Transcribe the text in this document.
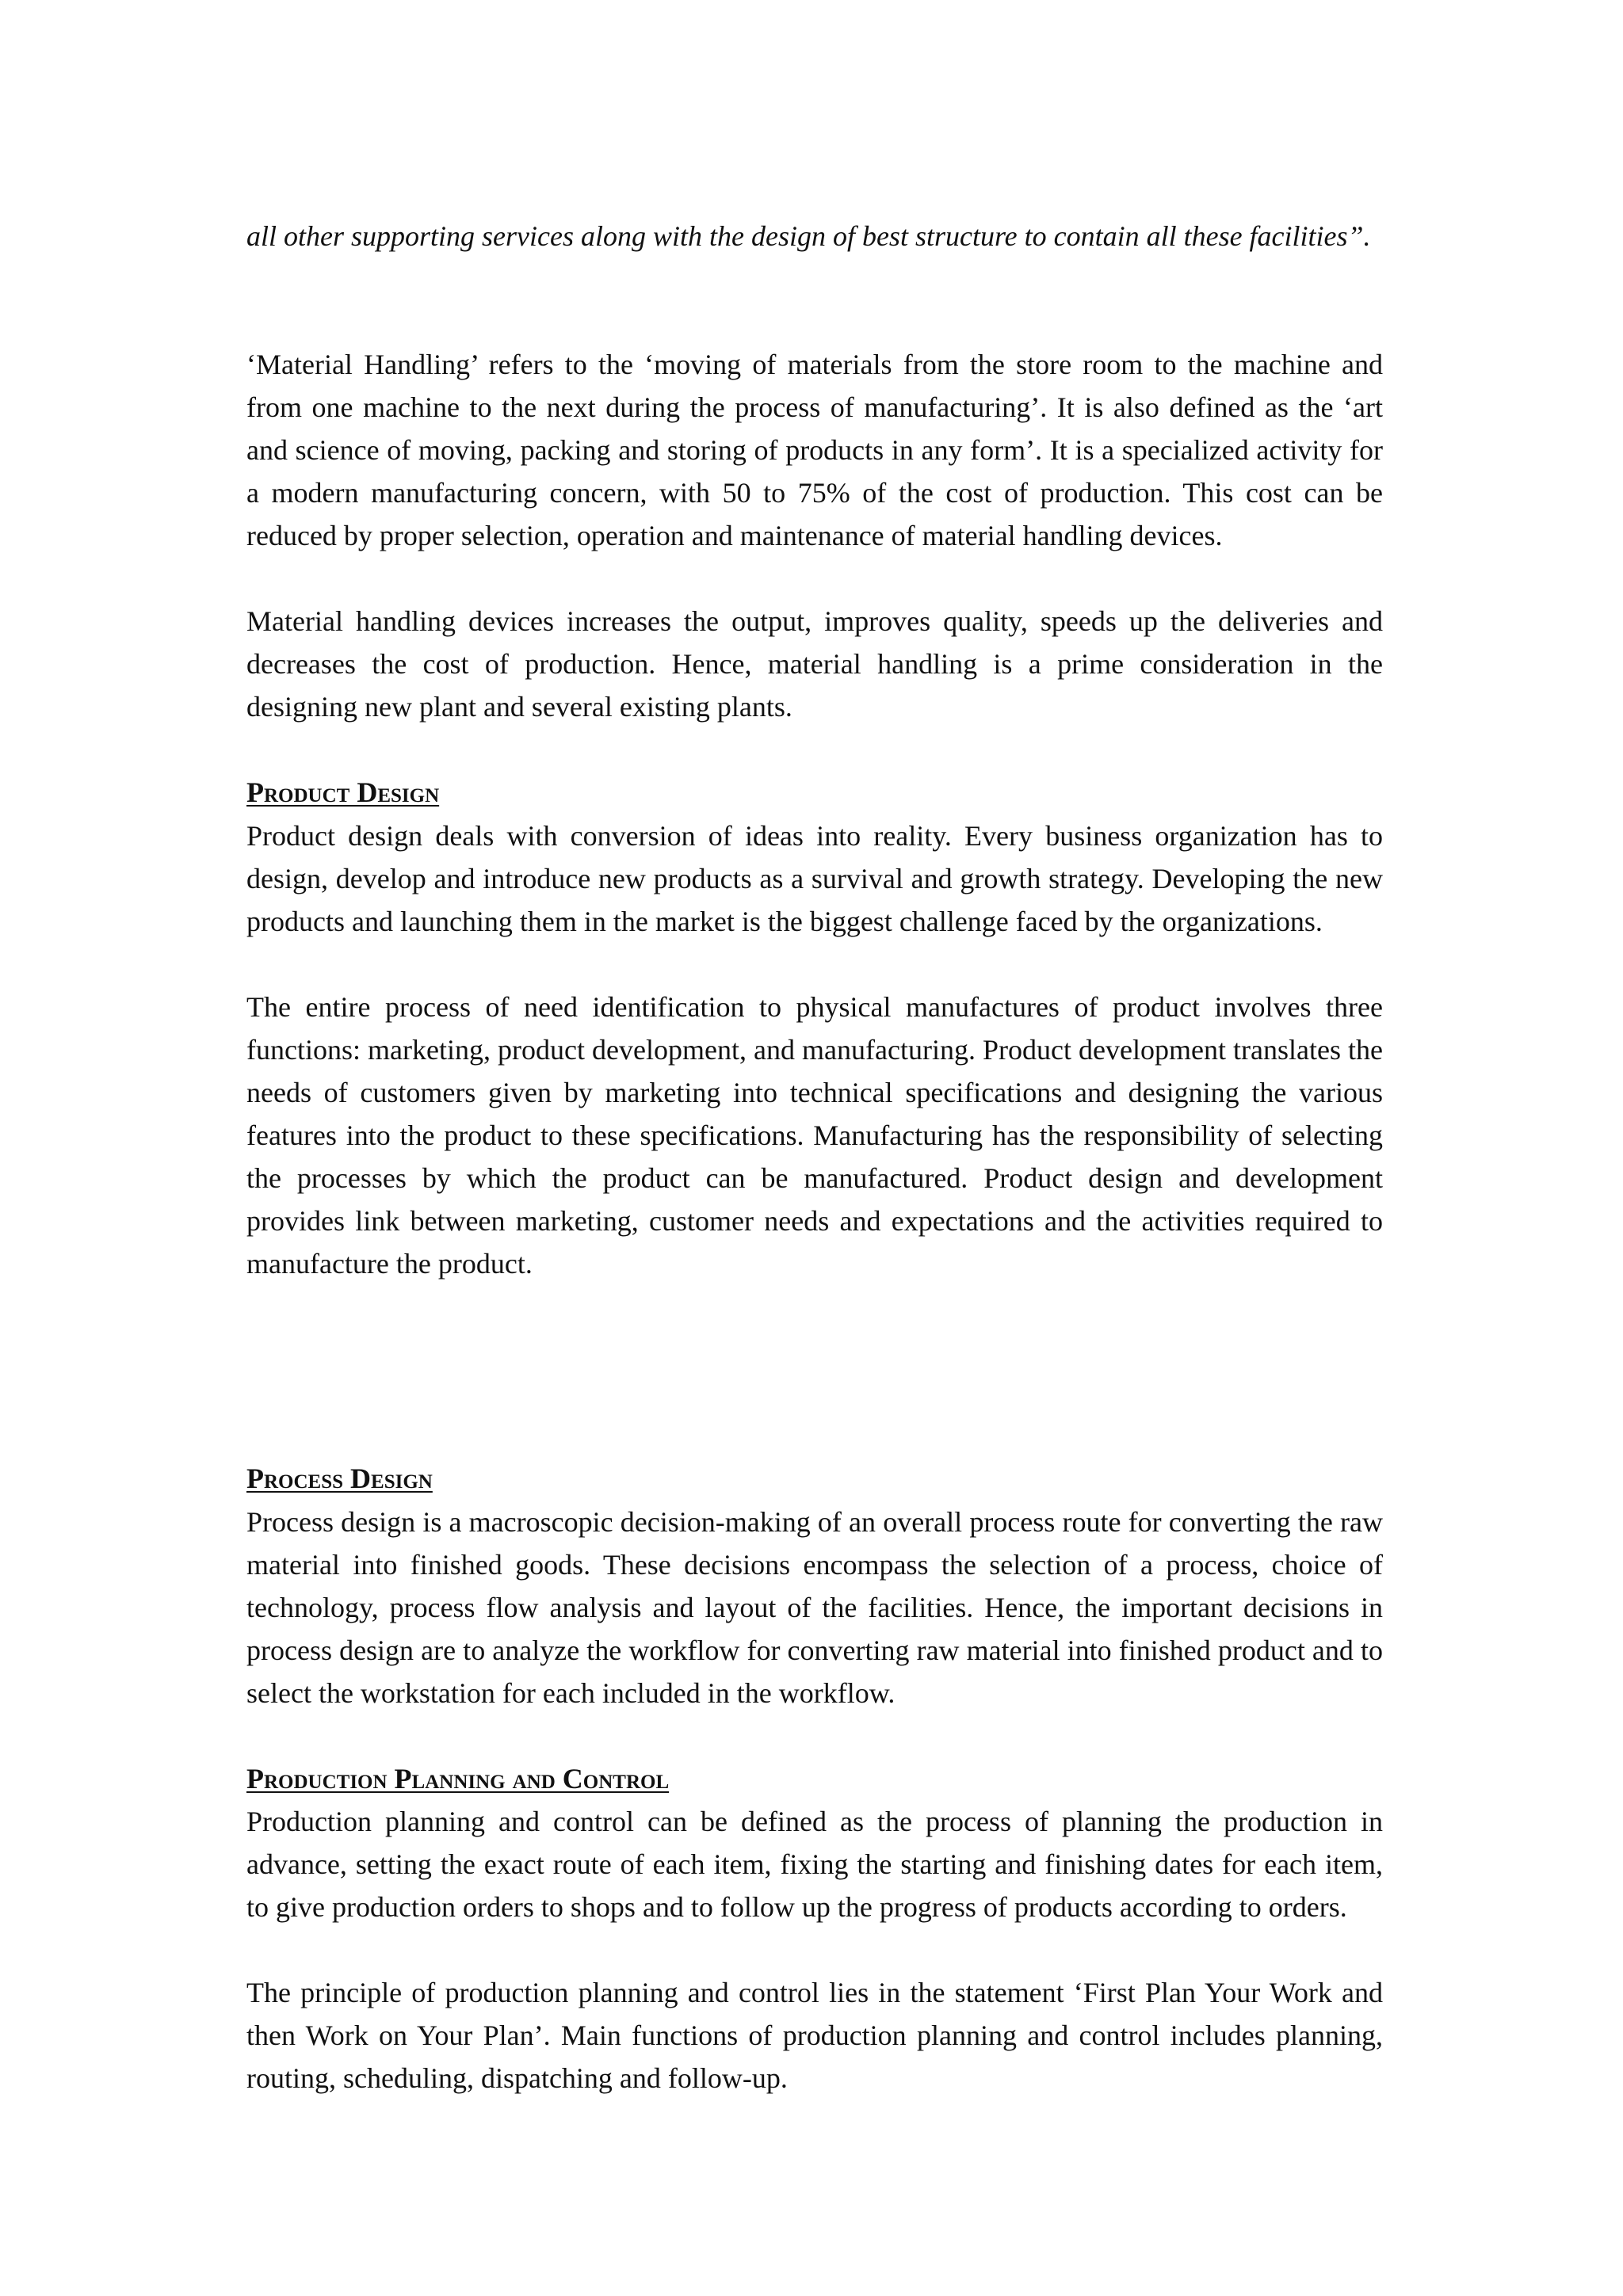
all other supporting services along with the design of best structure to contain all these facilities”.

‘Material Handling’ refers to the ‘moving of materials from the store room to the machine and from one machine to the next during the process of manufacturing’. It is also defined as the ‘art and science of moving, packing and storing of products in any form’. It is a specialized activity for a modern manufacturing concern, with 50 to 75% of the cost of production. This cost can be reduced by proper selection, operation and maintenance of material handling devices.

Material handling devices increases the output, improves quality, speeds up the deliveries and decreases the cost of production. Hence, material handling is a prime consideration in the designing new plant and several existing plants.

Product Design

Product design deals with conversion of ideas into reality. Every business organization has to design, develop and introduce new products as a survival and growth strategy. Developing the new products and launching them in the market is the biggest challenge faced by the organizations.

The entire process of need identification to physical manufactures of product involves three functions: marketing, product development, and manufacturing. Product development translates the needs of customers given by marketing into technical specifications and designing the various features into the product to these specifications. Manufacturing has the responsibility of selecting the processes by which the product can be manufactured. Product design and development provides link between marketing, customer needs and expectations and the activities required to manufacture the product.

Process Design

Process design is a macroscopic decision-making of an overall process route for converting the raw material into finished goods. These decisions encompass the selection of a process, choice of technology, process flow analysis and layout of the facilities. Hence, the important decisions in process design are to analyze the workflow for converting raw material into finished product and to select the workstation for each included in the workflow.

Production Planning and Control

Production planning and control can be defined as the process of planning the production in advance, setting the exact route of each item, fixing the starting and finishing dates for each item, to give production orders to shops and to follow up the progress of products according to orders.

The principle of production planning and control lies in the statement ‘First Plan Your Work and then Work on Your Plan’. Main functions of production planning and control includes planning, routing, scheduling, dispatching and follow-up.
